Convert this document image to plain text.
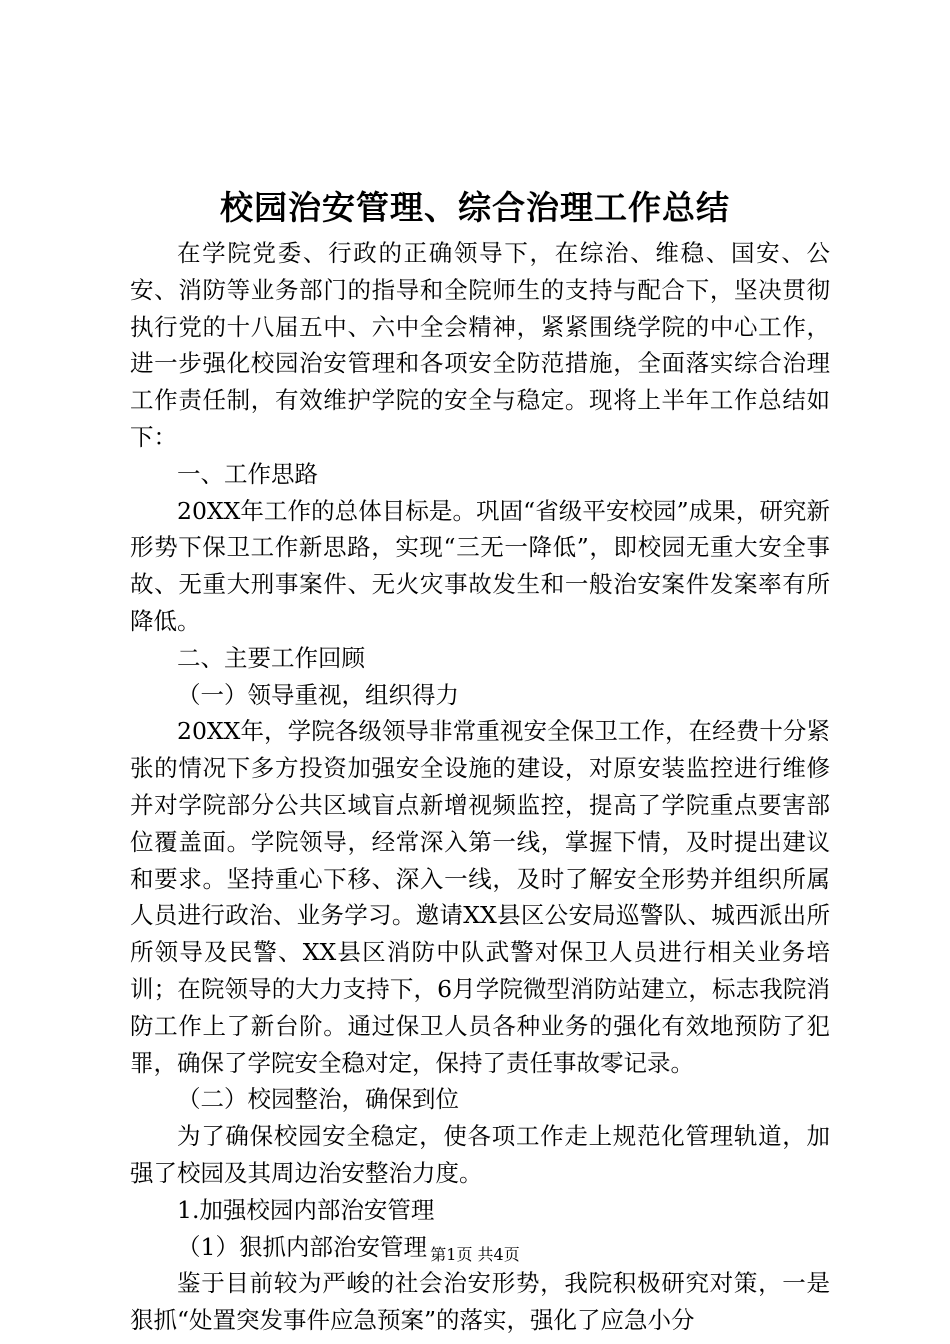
校园治安管理、综合治理工作总结

在学院党委、行政的正确领导下，在综治、维稳、国安、公安、消防等业务部门的指导和全院师生的支持与配合下，坚决贯彻执行党的十八届五中、六中全会精神，紧紧围绕学院的中心工作，进一步强化校园治安管理和各项安全防范措施，全面落实综合治理工作责任制，有效维护学院的安全与稳定。现将上半年工作总结如下：

一、工作思路

20XX年工作的总体目标是。巩固“省级平安校园”成果，研究新形势下保卫工作新思路，实现“三无一降低”，即校园无重大安全事故、无重大刑事案件、无火灾事故发生和一般治安案件发案率有所降低。

二、主要工作回顾

（一）领导重视，组织得力

20XX年，学院各级领导非常重视安全保卫工作，在经费十分紧张的情况下多方投资加强安全设施的建设，对原安装监控进行维修并对学院部分公共区域盲点新增视频监控，提高了学院重点要害部位覆盖面。学院领导，经常深入第一线，掌握下情，及时提出建议和要求。坚持重心下移、深入一线，及时了解安全形势并组织所属人员进行政治、业务学习。邀请XX县区公安局巡警队、城西派出所所领导及民警、XX县区消防中队武警对保卫人员进行相关业务培训；在院领导的大力支持下，6月学院微型消防站建立，标志我院消防工作上了新台阶。通过保卫人员各种业务的强化有效地预防了犯罪，确保了学院安全稳对定，保持了责任事故零记录。

（二）校园整治，确保到位

为了确保校园安全稳定，使各项工作走上规范化管理轨道，加强了校园及其周边治安整治力度。

1.加强校园内部治安管理

（1）狠抓内部治安管理

鉴于目前较为严峻的社会治安形势，我院积极研究对策，一是狠抓“处置突发事件应急预案”的落实，强化了应急小分

第1页 共4页
